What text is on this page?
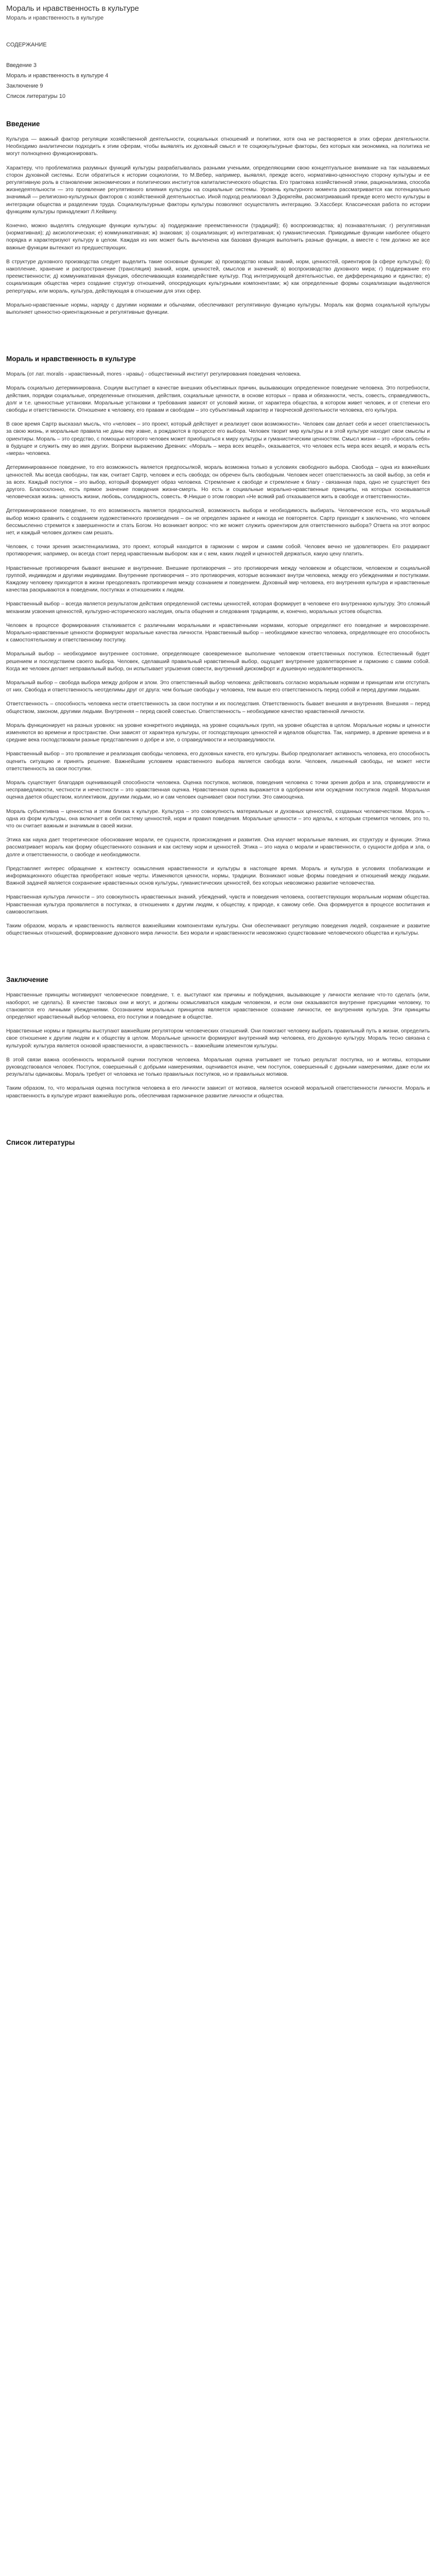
Мораль и нравственность в культуре
Мораль и нравственность в культуре
СОДЕРЖАНИЕ
Введение 3
Мораль и нравственность в культуре 4
Заключение 9
Список литературы 10
Введение

Культура — важный фактор регуляции хозяйственной деятельности, социальных отношений и политики, хотя она не растворяется в этих сферах деятельности. Необходимо аналитически подходить к этим сферам, чтобы выявлять их духовный смысл и те социокультурные факторы, без которых как экономика, на политика не могут полноценно функционировать.

Характеру, что проблематика разумных функций культуры разрабатывалась разными учеными, определяющими свою концептуальное внимание на так называемых сторон духовной системы. Если обратиться к истории социологии, то М.Вебер, например, выявлял, прежде всего, нормативно-ценностную сторону культуры и ее регулятивную роль в становлении экономических и политических институтов капиталистического общества. Его трактовка хозяйственной этики, рационализма, способа жизнедеятельности — это проявление регулятивного влияния культуры на социальные системы. Уровень культурного момента рассматривается как потенциально значимый — религиозно-культурных факторов с хозяйственной деятельностью. Иной подход реализовал Э.Дюркгейм, рассматривавший прежде всего место культуры в интеграции общества и разделении труда. Социалкультурные факторы культуры позволяют осуществлять интеграцию. Э.Хассберг. Классическая работа по истории функциям культуры принадлежит Л.Кейвичу.

Конечно, можно выделять следующие функции культуры: а) поддержание преемственности (традиций); б) воспроизводства; в) познавательная; г) регулятивная (нормативная); д) аксиологическая; е) коммуникативная; ж) знаковая; з) социализация; и) интегративная; к) гуманистическая. Приводимые функции наиболее общего порядка и характеризуют культуру в целом. Каждая из них может быть вычленена как базовая функция выполнить разные функции, а вместе с тем должно же все важные функции вытекают из предшествующих.

В структуре духовного производства следует выделить такие основные функции: а) производство новых знаний, норм, ценностей, ориентиров (в сфере культуры); б) накопление, хранение и распространение (трансляция) знаний, норм, ценностей, смыслов и значений; в) воспроизводство духовного мира; г) поддержание его преемственности; д) коммуникативная функция, обеспечивающая взаимодействие культур. Под интегрирующей деятельностью, ее дифференциацию и единство; е) социализация общества через создание структур отношений, опосредующих культурными компонентами; ж) как определенные формы социализации выделяются репертуары, или мораль, культура, действующая в отношении для этих сфер.

Морально-нравственные нормы, наряду с другими нормами и обычаями, обеспечивают регулятивную функцию культуры. Мораль как форма социальной культуры выполняет ценностно-ориентационные и регулятивные функции.

Мораль и нравственность в культуре

Мораль (от лат. moralis - нравственный, mores - нравы) - общественный институт регулирования поведения человека.

Мораль социально детерминирована. Социум выступает в качестве внешних объективных причин, вызывающих определенное поведение человека. Это потребности, действия, порядки социальные, определенные отношения, действия, социальные ценности, в основе которых – права и обязанности, честь, совесть, справедливость, долг и т.е. ценностные установки. Моральные установки и требования зависят от условий жизни, от характера общества, в котором живет человек, и от степени его свободы и ответственности. Отношение к человеку, его правам и свободам – это субъективный характер и творческой деятельности человека, его культура.

В свое время Сартр высказал мысль, что «человек – это проект, который действует и реализует свои возможности». Человек сам делает себя и несет ответственность за свою жизнь, и моральные правила не даны ему извне, а рождаются в процессе его выбора. Человек творит мир культуры и в этой культуре находит свои смыслы и ориентиры. Мораль – это средство, с помощью которого человек может приобщаться к миру культуры и гуманистическим ценностям. Смысл жизни – это «бросать себя» в будущее и служить ему во имя других. Вопреки выражению Древних: «Мораль – мера всех вещей», оказывается, что человек есть мера всех вещей, и мораль есть «мера» человека.

Детерминированное поведение, то его возможность является предпосылкой, мораль возможна только в условиях свободного выбора. Свобода – одна из важнейших ценностей. Мы всегда свободны, так как, считает Сартр, человек и есть свобода; он обречен быть свободным. Человек несет ответственность за свой выбор, за себя и за всех. Каждый поступок – это выбор, который формирует образ человека. Стремление к свободе и стремление к благу - связанная пара, одно не существует без другого. Благосклонно, есть прямое значение поведения жизни-смерть. Но есть и социальные морально-нравственные принципы, на которых основывается человеческая жизнь: ценность жизни, любовь, солидарность, совесть. Ф.Ницше о этом говорил «Не всякий раб отказывается жить в свободе и ответственности».

Детерминированное поведение, то его возможность является предпосылкой, возможность выбора и необходимость выбирать. Человеческое есть, что моральный выбор можно сравнить с созданием художественного произведения – он не определен заранее и никогда не повторяется. Сартр приходит к заключению, что человек бессмысленно стремится к завершенности и стать Богом. Но возникает вопрос: что же может служить ориентиром для ответственного выбора? Ответа на этот вопрос нет, и каждый человек должен сам решать.

Человек, с точки зрения экзистенциализма, это проект, который находится в гармонии с миром и самим собой. Человек вечно не удовлетворен. Его раздирают противоречия; например, он всегда стоит перед нравственным выбором: как и с кем, каких людей и ценностей держаться, какую цену платить.

Нравственные противоречия бывают внешние и внутренние. Внешние противоречия – это противоречия между человеком и обществом, человеком и социальной группой, индивидом и другими индивидами. Внутренние противоречия – это противоречия, которые возникают внутри человека, между его убеждениями и поступками. Каждому человеку приходится в жизни преодолевать противоречия между сознанием и поведением. Духовный мир человека, его внутренняя культура и нравственные качества раскрываются в поведении, поступках и отношениях к людям.

Нравственный выбор – всегда является результатом действия определенной системы ценностей, которая формирует в человеке его внутреннюю культуру. Это сложный механизм усвоения ценностей, культурно-исторического наследия, опыта общения и следования традициям, и, конечно, моральных устоев общества.

Человек в процессе формирования сталкивается с различными моральными и нравственными нормами, которые определяют его поведение и мировоззрение. Морально-нравственные ценности формируют моральные качества личности. Нравственный выбор – необходимое качество человека, определяющее его способность к самостоятельному и ответственному поступку.

Моральный выбор – необходимое внутреннее состояние, определяющее своевременное выполнение человеком ответственных поступков. Естественный будет решением и последствием своего выбора. Человек, сделавший правильный нравственный выбор, ощущает внутреннее удовлетворение и гармонию с самим собой. Когда же человек делает неправильный выбор, он испытывает угрызения совести, внутренний дискомфорт и душевную неудовлетворенность.

Моральный выбор – свобода выбора между добром и злом. Это ответственный выбор человека: действовать согласно моральным нормам и принципам или отступать от них. Свобода и ответственность неотделимы друг от друга: чем больше свободы у человека, тем выше его ответственность перед собой и перед другими людьми.

Ответственность – способность человека нести ответственность за свои поступки и их последствия. Ответственность бывает внешняя и внутренняя. Внешняя – перед обществом, законом, другими людьми. Внутренняя – перед своей совестью. Ответственность – необходимое качество нравственной личности.

Мораль функционирует на разных уровнях: на уровне конкретного индивида, на уровне социальных групп, на уровне общества в целом. Моральные нормы и ценности изменяются во времени и пространстве. Они зависят от характера культуры, от господствующих ценностей и идеалов общества. Так, например, в древние времена и в средние века господствовали разные представления о добре и зле, о справедливости и несправедливости.

Нравственный выбор – это проявление и реализация свободы человека, его духовных качеств, его культуры. Выбор предполагает активность человека, его способность оценить ситуацию и принять решение. Важнейшим условием нравственного выбора является свобода воли. Человек, лишенный свободы, не может нести ответственность за свои поступки.

Мораль существует благодаря оценивающей способности человека. Оценка поступков, мотивов, поведения человека с точки зрения добра и зла, справедливости и несправедливости, честности и нечестности – это нравственная оценка. Нравственная оценка выражается в одобрении или осуждении поступков людей. Моральная оценка дается обществом, коллективом, другими людьми, но и сам человек оценивает свои поступки. Это самооценка.

Мораль субъективна – ценностна и этим близка к культуре. Культура – это совокупность материальных и духовных ценностей, созданных человечеством. Мораль – одна из форм культуры, она включает в себя систему ценностей, норм и правил поведения. Моральные ценности – это идеалы, к которым стремится человек, это то, что он считает важным и значимым в своей жизни.

Этика как наука дает теоретическое обоснование морали, ее сущности, происхождения и развития. Она изучает моральные явления, их структуру и функции. Этика рассматривает мораль как форму общественного сознания и как систему норм и ценностей. Этика – это наука о морали и нравственности, о сущности добра и зла, о долге и ответственности, о свободе и необходимости.

Представляет интерес обращение к контексту осмысления нравственности и культуры в настоящее время. Мораль и культура в условиях глобализации и информационного общества приобретают новые черты. Изменяются ценности, нормы, традиции. Возникают новые формы поведения и отношений между людьми. Важной задачей является сохранение нравственных основ культуры, гуманистических ценностей, без которых невозможно развитие человечества.

Нравственная культура личности – это совокупность нравственных знаний, убеждений, чувств и поведения человека, соответствующих моральным нормам общества. Нравственная культура проявляется в поступках, в отношениях к другим людям, к обществу, к природе, к самому себе. Она формируется в процессе воспитания и самовоспитания.

Таким образом, мораль и нравственность являются важнейшими компонентами культуры. Они обеспечивают регуляцию поведения людей, сохранение и развитие общественных отношений, формирование духовного мира личности. Без морали и нравственности невозможно существование человеческого общества и культуры.

Заключение

Нравственные принципы мотивируют человеческое поведение, т. е. выступают как причины и побуждения, вызывающие у личности желание что-то сделать (или, наоборот, не сделать). В качестве таковых они и могут, и должны осмысливаться каждым человеком, и если они оказываются внутренне присущими человеку, то становятся его личными убеждениями. Осознанием моральных принципов является нравственное сознание личности, ее внутренняя культура. Эти принципы определяют нравственный выбор человека, его поступки и поведение в обществе.

Нравственные нормы и принципы выступают важнейшим регулятором человеческих отношений. Они помогают человеку выбрать правильный путь в жизни, определить свое отношение к другим людям и к обществу в целом. Моральные ценности формируют внутренний мир человека, его духовную культуру. Мораль тесно связана с культурой: культура является основой нравственности, а нравственность – важнейшим элементом культуры.

В этой связи важна особенность моральной оценки поступков человека. Моральная оценка учитывает не только результат поступка, но и мотивы, которыми руководствовался человек. Поступок, совершенный с добрыми намерениями, оценивается иначе, чем поступок, совершенный с дурными намерениями, даже если их результаты одинаковы. Мораль требует от человека не только правильных поступков, но и правильных мотивов.

Таким образом, то, что моральная оценка поступков человека в его личности зависит от мотивов, является основой моральной ответственности личности. Мораль и нравственность в культуре играют важнейшую роль, обеспечивая гармоничное развитие личности и общества.

Список литературы
